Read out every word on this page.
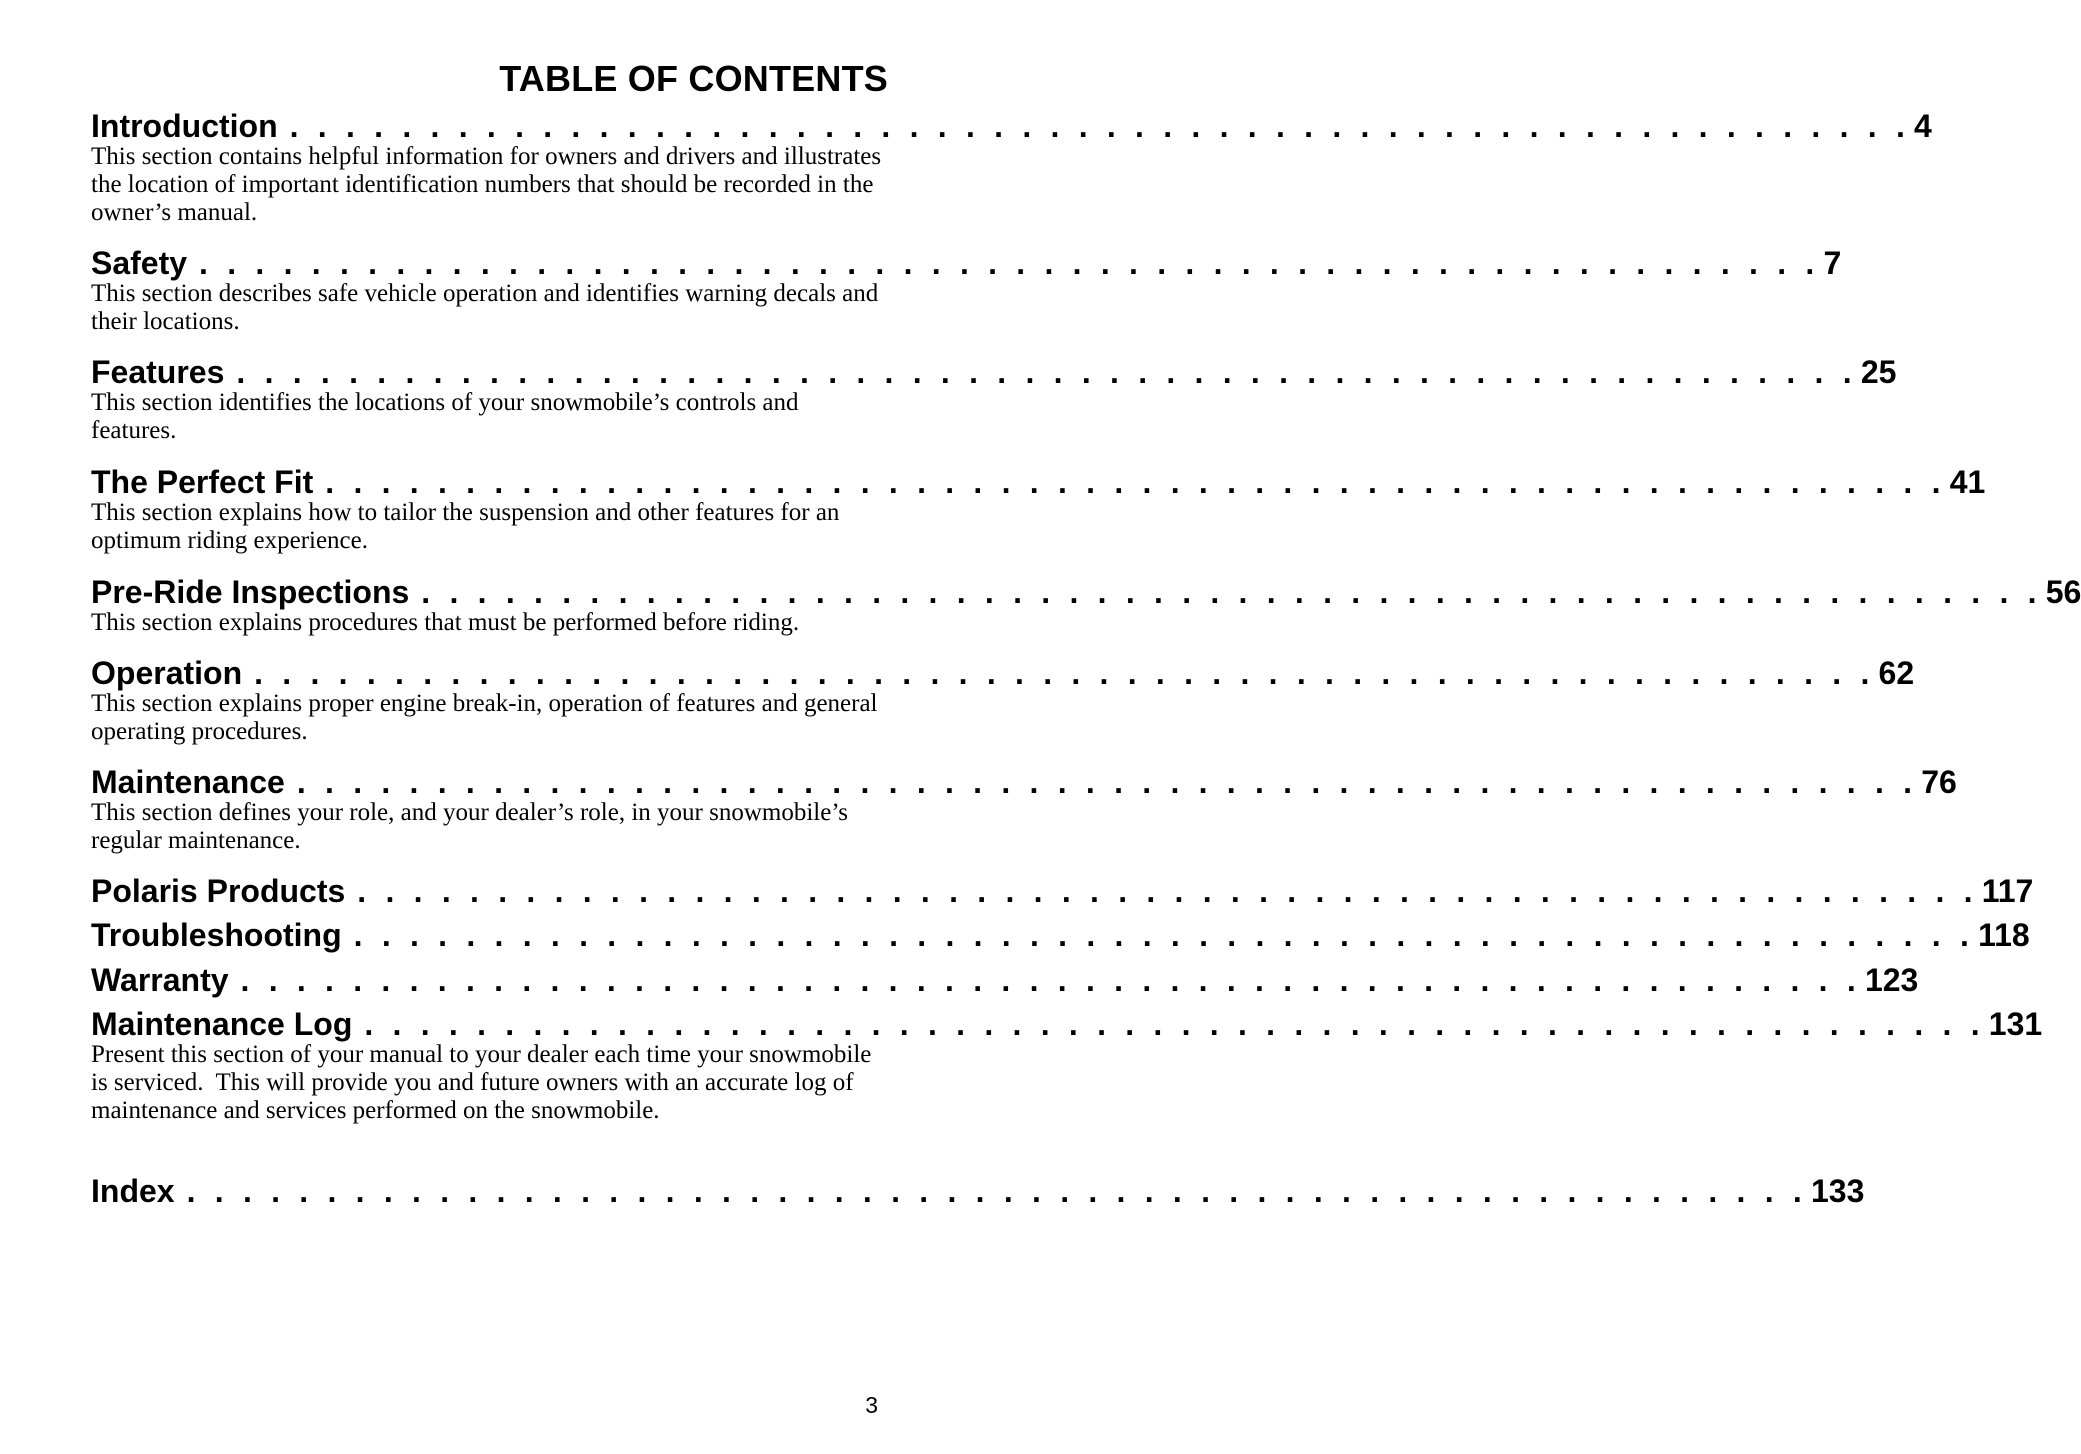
TABLE OF CONTENTS
Introduction . . . . . . . . . . . . . . . . . . . . . . . . . . . . . . . . . . . . . . . . . . . . . . . . . . . . . . . . . . 4
This section contains helpful information for owners and drivers and illustrates the location of important identification numbers that should be recorded in the owner’s manual.
Safety . . . . . . . . . . . . . . . . . . . . . . . . . . . . . . . . . . . . . . . . . . . . . . . . . . . . . . . . . . 7
This section describes safe vehicle operation and identifies warning decals and their locations.
Features . . . . . . . . . . . . . . . . . . . . . . . . . . . . . . . . . . . . . . . . . . . . . . . . . . . . . . . . . . 25
This section identifies the locations of your snowmobile’s controls and features.
The Perfect Fit . . . . . . . . . . . . . . . . . . . . . . . . . . . . . . . . . . . . . . . . . . . . . . . . . . . . . . . . . . 41
This section explains how to tailor the suspension and other features for an optimum riding experience.
Pre-Ride Inspections . . . . . . . . . . . . . . . . . . . . . . . . . . . . . . . . . . . . . . . . . . . . . . . . . . . . . . . . . . 56
This section explains procedures that must be performed before riding.
Operation . . . . . . . . . . . . . . . . . . . . . . . . . . . . . . . . . . . . . . . . . . . . . . . . . . . . . . . . . . 62
This section explains proper engine break-in, operation of features and general operating procedures.
Maintenance . . . . . . . . . . . . . . . . . . . . . . . . . . . . . . . . . . . . . . . . . . . . . . . . . . . . . . . . . . 76
This section defines your role, and your dealer’s role, in your snowmobile’s regular maintenance.
Polaris Products . . . . . . . . . . . . . . . . . . . . . . . . . . . . . . . . . . . . . . . . . . . . . . . . . . . . . . . . . . 117
Troubleshooting . . . . . . . . . . . . . . . . . . . . . . . . . . . . . . . . . . . . . . . . . . . . . . . . . . . . . . . . . . 118
Warranty . . . . . . . . . . . . . . . . . . . . . . . . . . . . . . . . . . . . . . . . . . . . . . . . . . . . . . . . . . 123
Maintenance Log . . . . . . . . . . . . . . . . . . . . . . . . . . . . . . . . . . . . . . . . . . . . . . . . . . . . . . . . . . 131
Present this section of your manual to your dealer each time your snowmobile is serviced.  This will provide you and future owners with an accurate log of maintenance and services performed on the snowmobile.
Index . . . . . . . . . . . . . . . . . . . . . . . . . . . . . . . . . . . . . . . . . . . . . . . . . . . . . . . . . . 133
3
